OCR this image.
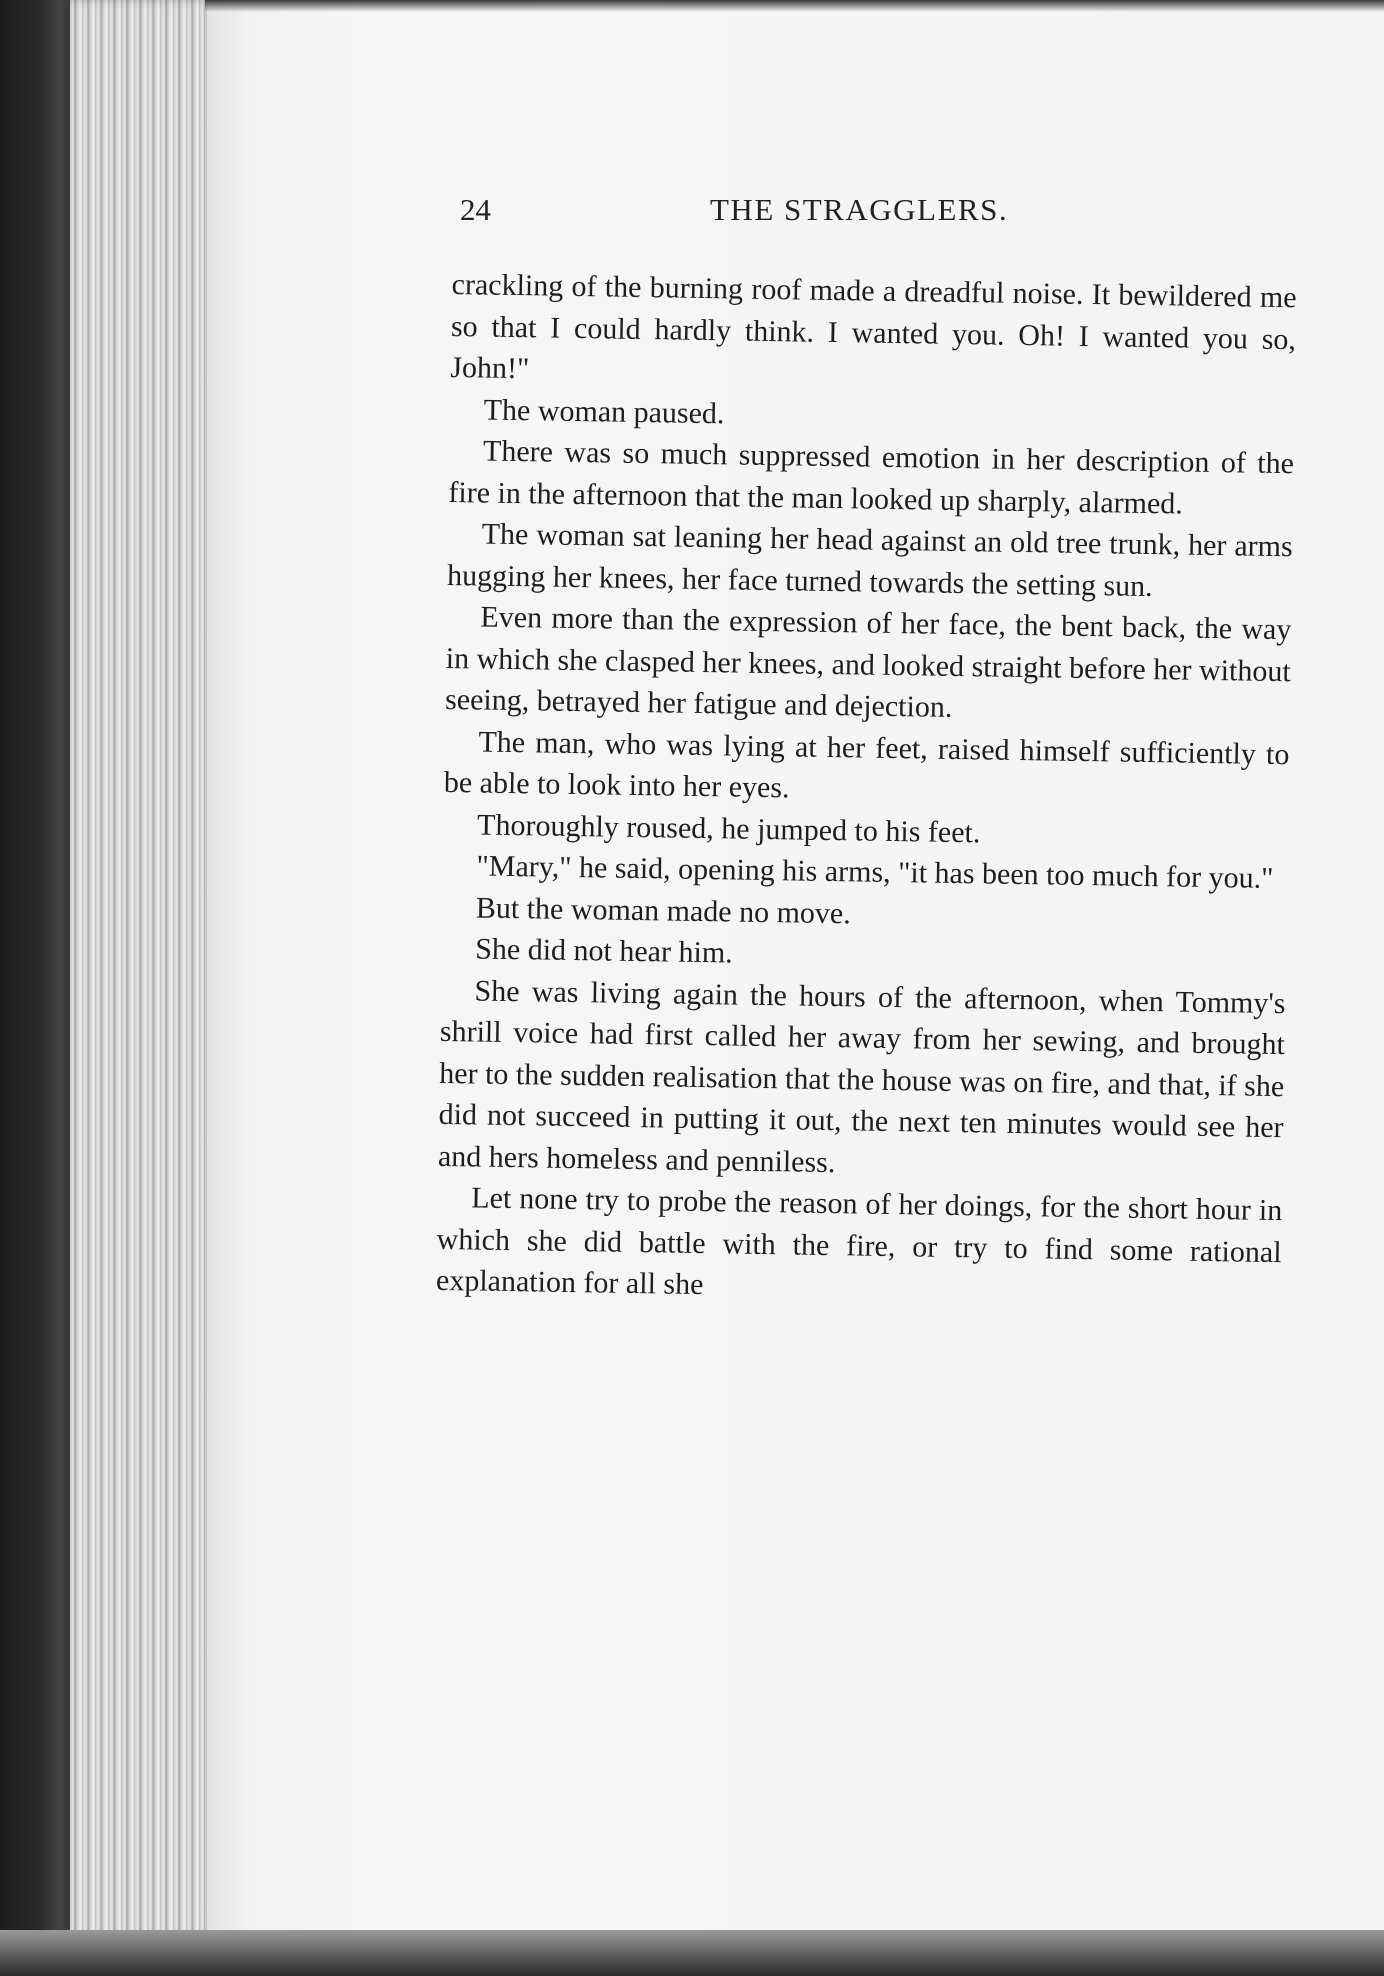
24	THE STRAGGLERS.

crackling of the burning roof made a dreadful noise. It bewildered me so that I could hardly think. I wanted you. Oh! I wanted you so, John!"

The woman paused.

There was so much suppressed emotion in her description of the fire in the afternoon that the man looked up sharply, alarmed.

The woman sat leaning her head against an old tree trunk, her arms hugging her knees, her face turned towards the setting sun.

Even more than the expression of her face, the bent back, the way in which she clasped her knees, and looked straight before her without seeing, betrayed her fatigue and dejection.

The man, who was lying at her feet, raised himself sufficiently to be able to look into her eyes.

Thoroughly roused, he jumped to his feet.

"Mary," he said, opening his arms, "it has been too much for you."

But the woman made no move.

She did not hear him.

She was living again the hours of the afternoon, when Tommy's shrill voice had first called her away from her sewing, and brought her to the sudden realisation that the house was on fire, and that, if she did not succeed in putting it out, the next ten minutes would see her and hers homeless and penniless.

Let none try to probe the reason of her doings, for the short hour in which she did battle with the fire, or try to find some rational explanation for all she
